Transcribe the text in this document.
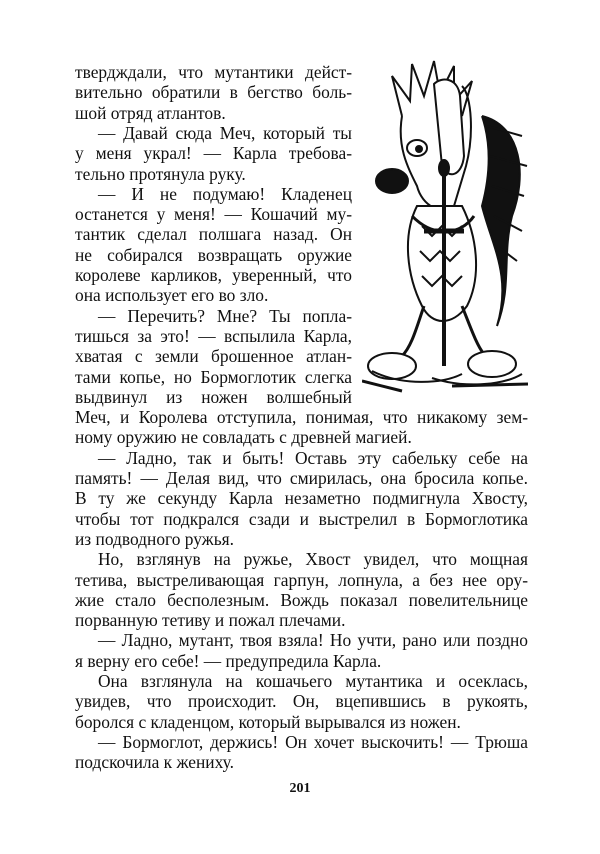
твердждали, что мутантики дейст-
вительно обратили в бегство боль-
шой отряд атлантов.
— Давай сюда Меч, который ты
у меня украл! — Карла требова-
тельно протянула руку.
— И не подумаю! Кладенец
останется у меня! — Кошачий му-
тантик сделал полшага назад. Он
не собирался возвращать оружие
королеве карликов, уверенный, что
она использует его во зло.
— Перечить? Мне? Ты попла-
тишься за это! — вспылила Карла,
хватая с земли брошенное атлан-
тами копье, но Бормоглотик слегка
выдвинул из ножен волшебный
Меч, и Королева отступила, понимая, что никакому зем-
ному оружию не совладать с древней магией.
— Ладно, так и быть! Оставь эту сабельку себе на
память! — Делая вид, что смирилась, она бросила копье.
В ту же секунду Карла незаметно подмигнула Хвосту,
чтобы тот подкрался сзади и выстрелил в Бормоглотика
из подводного ружья.
Но, взглянув на ружье, Хвост увидел, что мощная
тетива, выстреливающая гарпун, лопнула, а без нее ору-
жие стало бесполезным. Вождь показал повелительнице
порванную тетиву и пожал плечами.
— Ладно, мутант, твоя взяла! Но учти, рано или поздно
я верну его себе! — предупредила Карла.
Она взглянула на кошачьего мутантика и осеклась,
увидев, что происходит. Он, вцепившись в рукоять,
боролся с кладенцом, который вырывался из ножен.
— Бормоглот, держись! Он хочет выскочить! — Трюша
подскочила к жениху.
201
